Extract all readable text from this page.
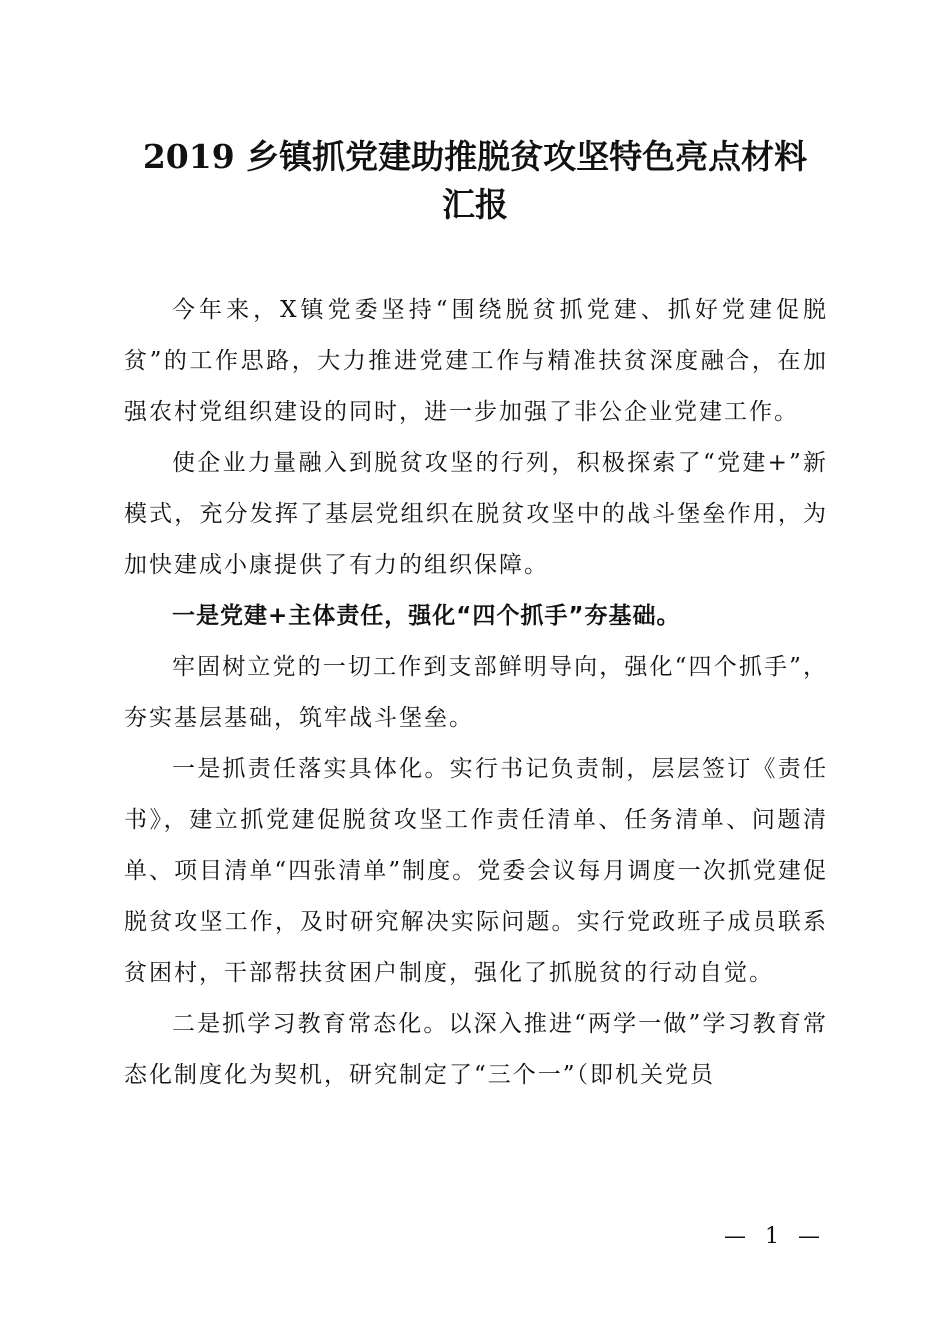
2019 乡镇抓党建助推脱贫攻坚特色亮点材料
汇报

今年来，X镇党委坚持“围绕脱贫抓党建、抓好党建促脱贫”的工作思路，大力推进党建工作与精准扶贫深度融合，在加强农村党组织建设的同时，进一步加强了非公企业党建工作。

使企业力量融入到脱贫攻坚的行列，积极探索了“党建+”新模式，充分发挥了基层党组织在脱贫攻坚中的战斗堡垒作用，为加快建成小康提供了有力的组织保障。

一是党建+主体责任，强化“四个抓手”夯基础。

牢固树立党的一切工作到支部鲜明导向，强化“四个抓手”，夯实基层基础，筑牢战斗堡垒。

一是抓责任落实具体化。实行书记负责制，层层签订《责任书》，建立抓党建促脱贫攻坚工作责任清单、任务清单、问题清单、项目清单“四张清单”制度。党委会议每月调度一次抓党建促脱贫攻坚工作，及时研究解决实际问题。实行党政班子成员联系贫困村，干部帮扶贫困户制度，强化了抓脱贫的行动自觉。

二是抓学习教育常态化。以深入推进“两学一做”学习教育常态化制度化为契机，研究制定了“三个一”（即机关党员

— 1 —
